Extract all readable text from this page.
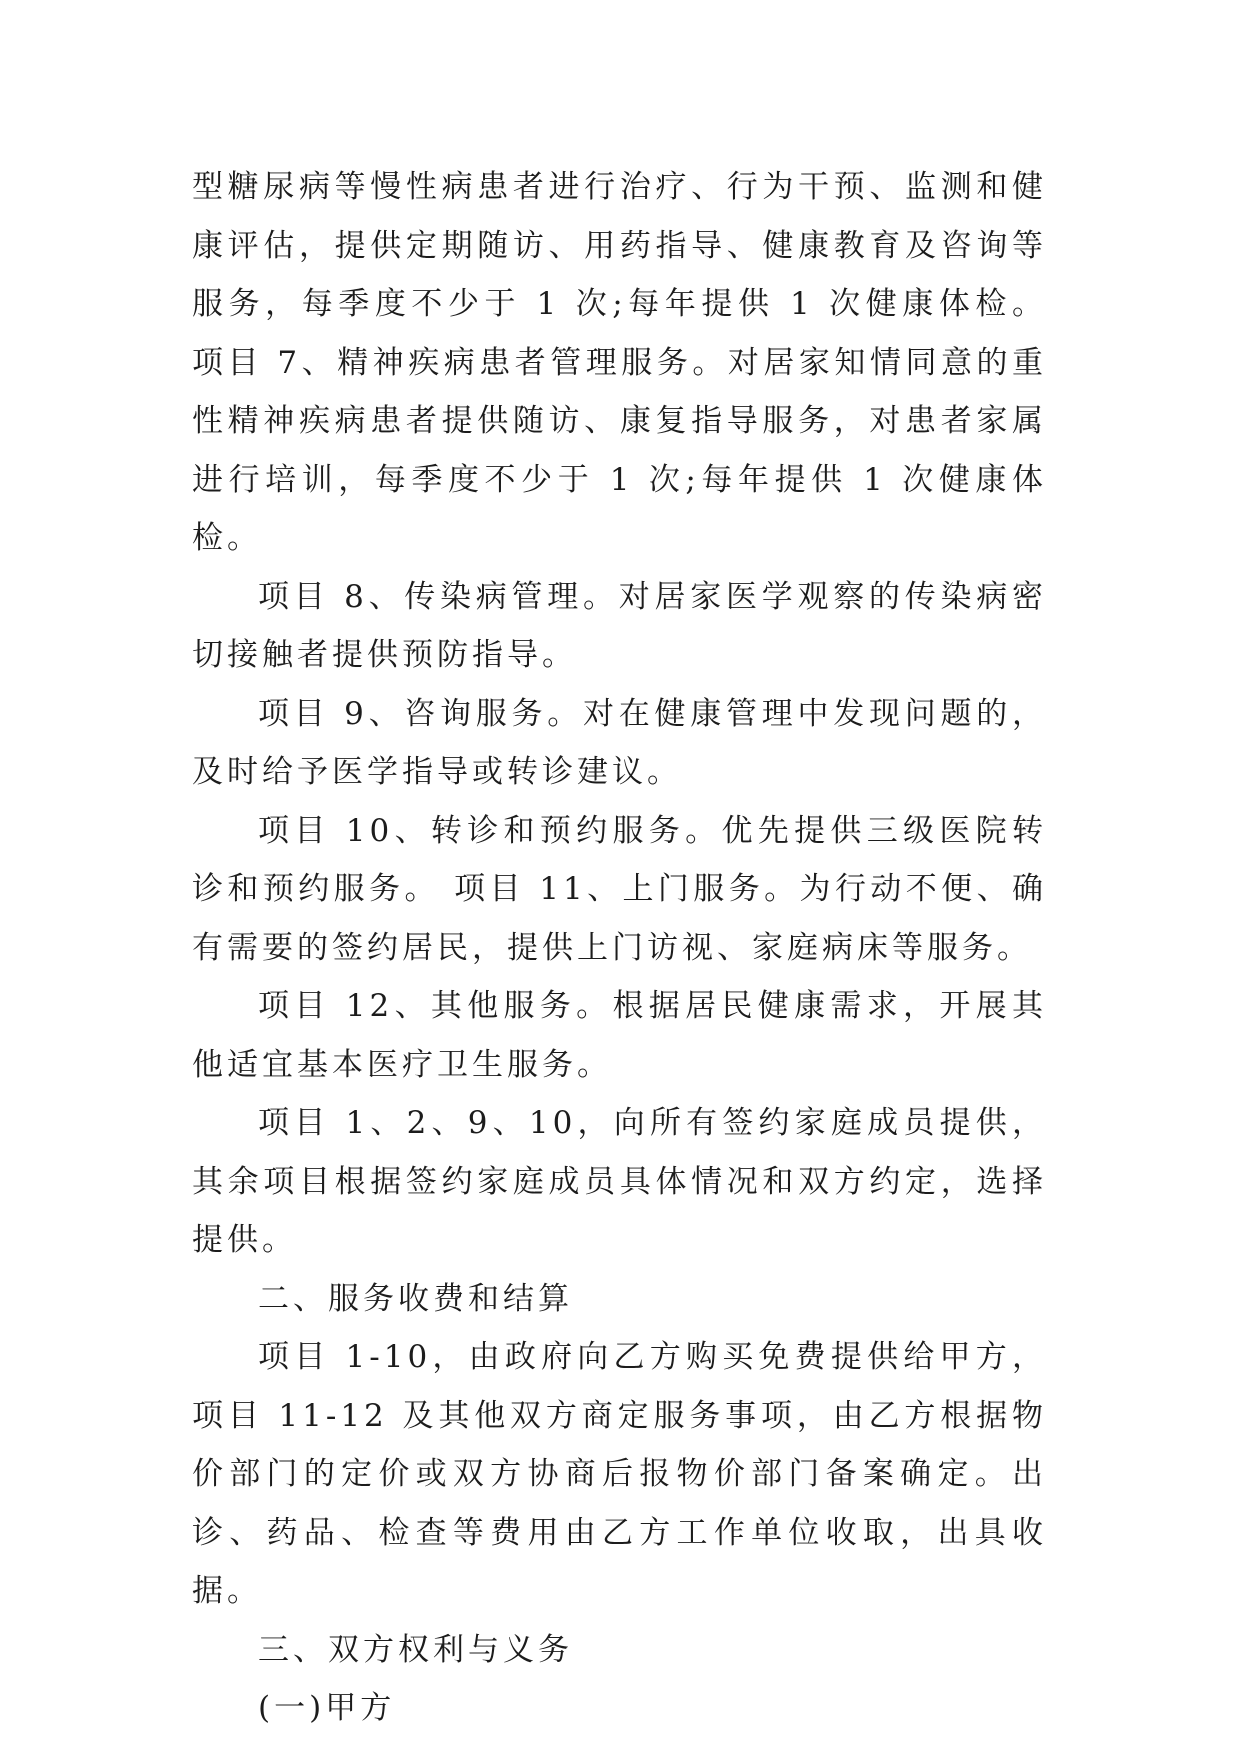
型糖尿病等慢性病患者进行治疗、行为干预、监测和健康评估，提供定期随访、用药指导、健康教育及咨询等服务，每季度不少于 1 次;每年提供 1 次健康体检。 项目 7、精神疾病患者管理服务。对居家知情同意的重性精神疾病患者提供随访、康复指导服务，对患者家属进行培训，每季度不少于 1 次;每年提供 1 次健康体检。

项目 8、传染病管理。对居家医学观察的传染病密切接触者提供预防指导。

项目 9、咨询服务。对在健康管理中发现问题的，及时给予医学指导或转诊建议。

项目 10、转诊和预约服务。优先提供三级医院转诊和预约服务。 项目 11、上门服务。为行动不便、确有需要的签约居民，提供上门访视、家庭病床等服务。

项目 12、其他服务。根据居民健康需求，开展其他适宜基本医疗卫生服务。

项目 1、2、9、10，向所有签约家庭成员提供，其余项目根据签约家庭成员具体情况和双方约定，选择提供。

二、服务收费和结算

项目 1-10，由政府向乙方购买免费提供给甲方，项目 11-12 及其他双方商定服务事项，由乙方根据物价部门的定价或双方协商后报物价部门备案确定。出诊、药品、检查等费用由乙方工作单位收取，出具收据。

三、双方权利与义务

(一)甲方
